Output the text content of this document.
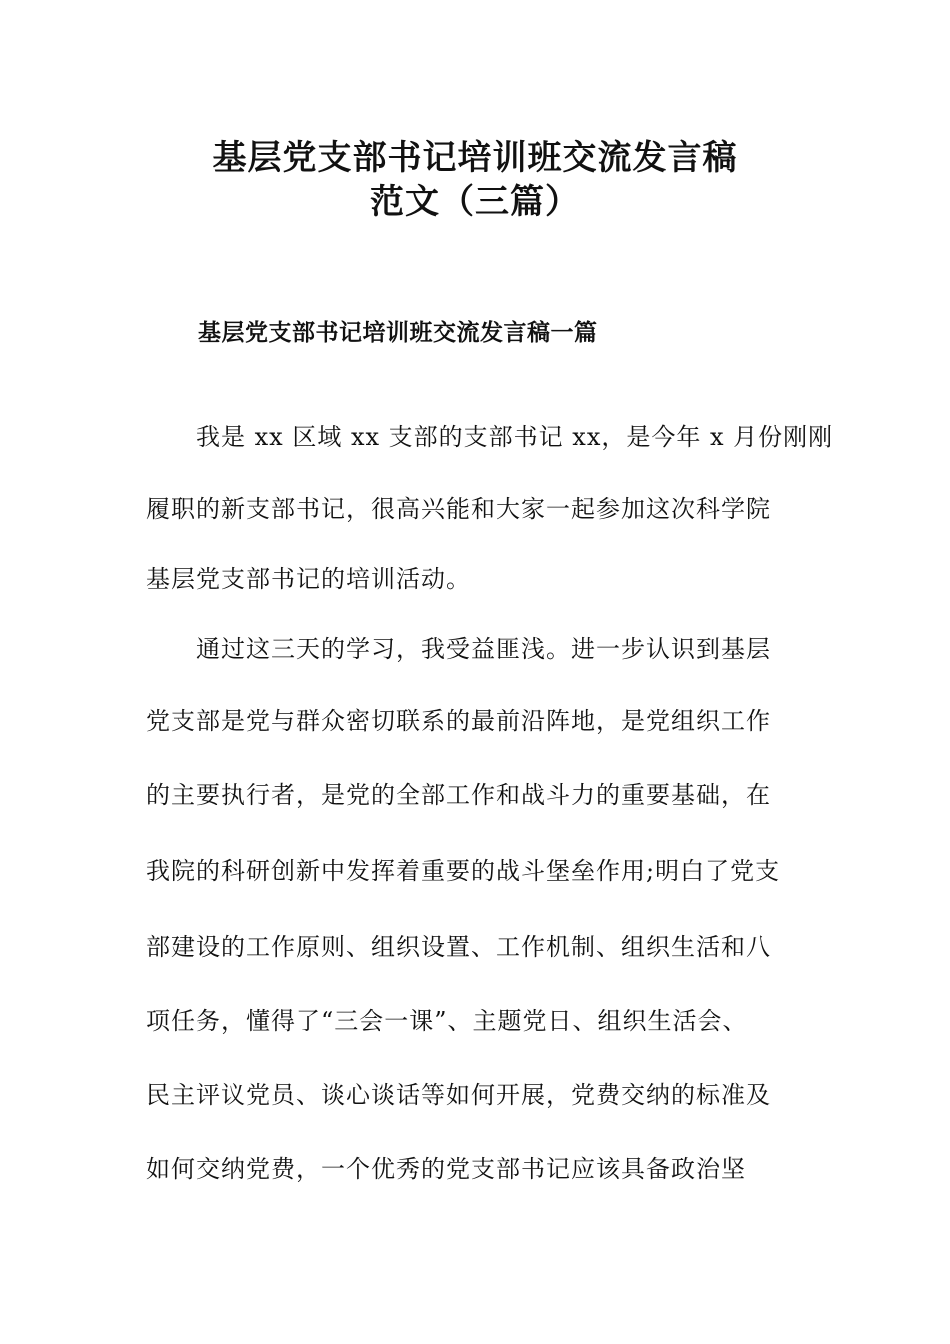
基层党支部书记培训班交流发言稿
范文（三篇）
基层党支部书记培训班交流发言稿一篇

我是 xx 区域 xx 支部的支部书记 xx，是今年 x 月份刚刚

履职的新支部书记，很高兴能和大家一起参加这次科学院

基层党支部书记的培训活动。

通过这三天的学习，我受益匪浅。进一步认识到基层

党支部是党与群众密切联系的最前沿阵地，是党组织工作

的主要执行者，是党的全部工作和战斗力的重要基础，在

我院的科研创新中发挥着重要的战斗堡垒作用;明白了党支

部建设的工作原则、组织设置、工作机制、组织生活和八

项任务，懂得了“三会一课”、主题党日、组织生活会、

民主评议党员、谈心谈话等如何开展，党费交纳的标准及

如何交纳党费，一个优秀的党支部书记应该具备政治坚
